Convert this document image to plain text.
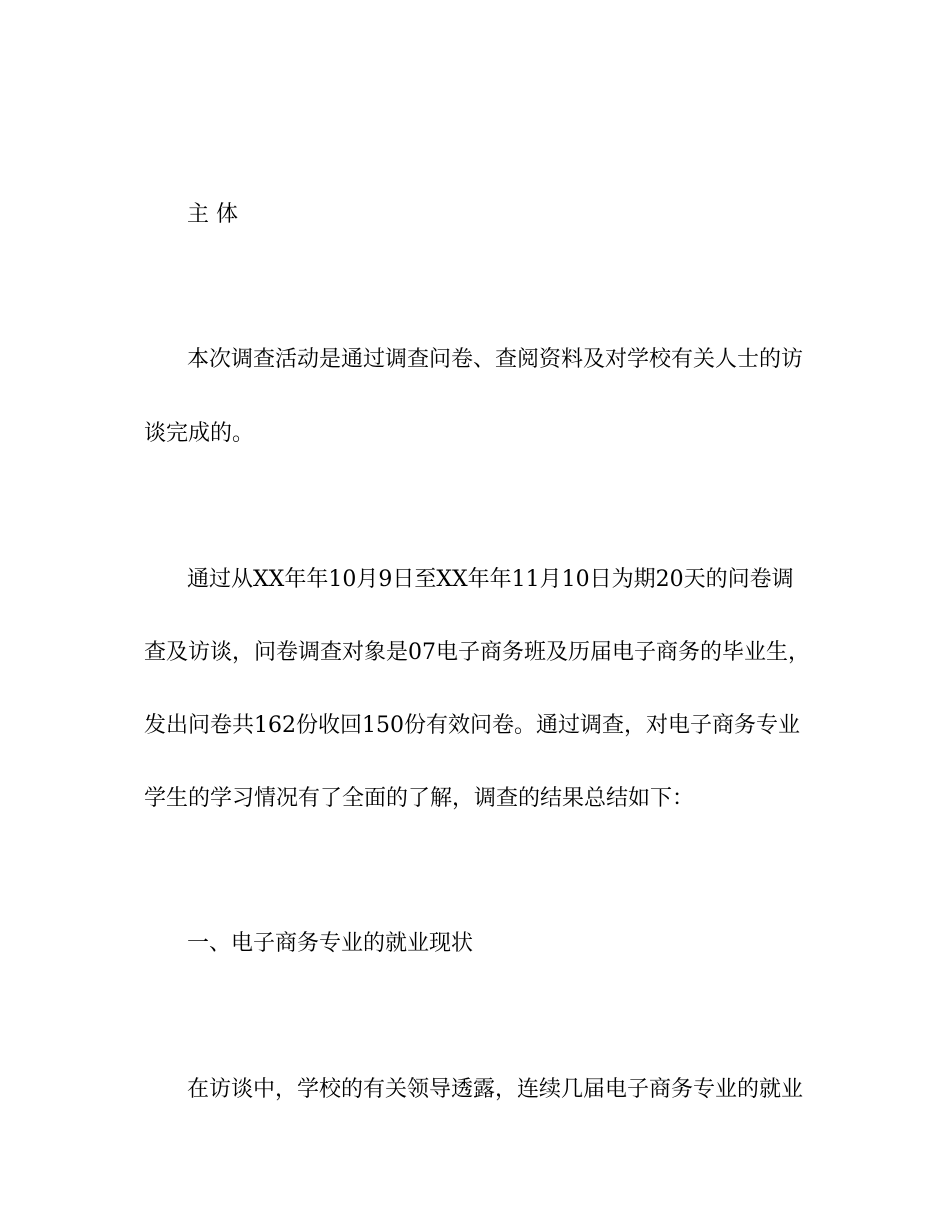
主 体
本次调查活动是通过调查问卷、查阅资料及对学校有关人士的访
谈完成的。
通过从XX年年10月9日至XX年年11月10日为期20天的问卷调
查及访谈，问卷调查对象是07电子商务班及历届电子商务的毕业生，
发出问卷共162份收回150份有效问卷。通过调查，对电子商务专业
学生的学习情况有了全面的了解，调查的结果总结如下：
一、电子商务专业的就业现状
在访谈中，学校的有关领导透露，连续几届电子商务专业的就业
